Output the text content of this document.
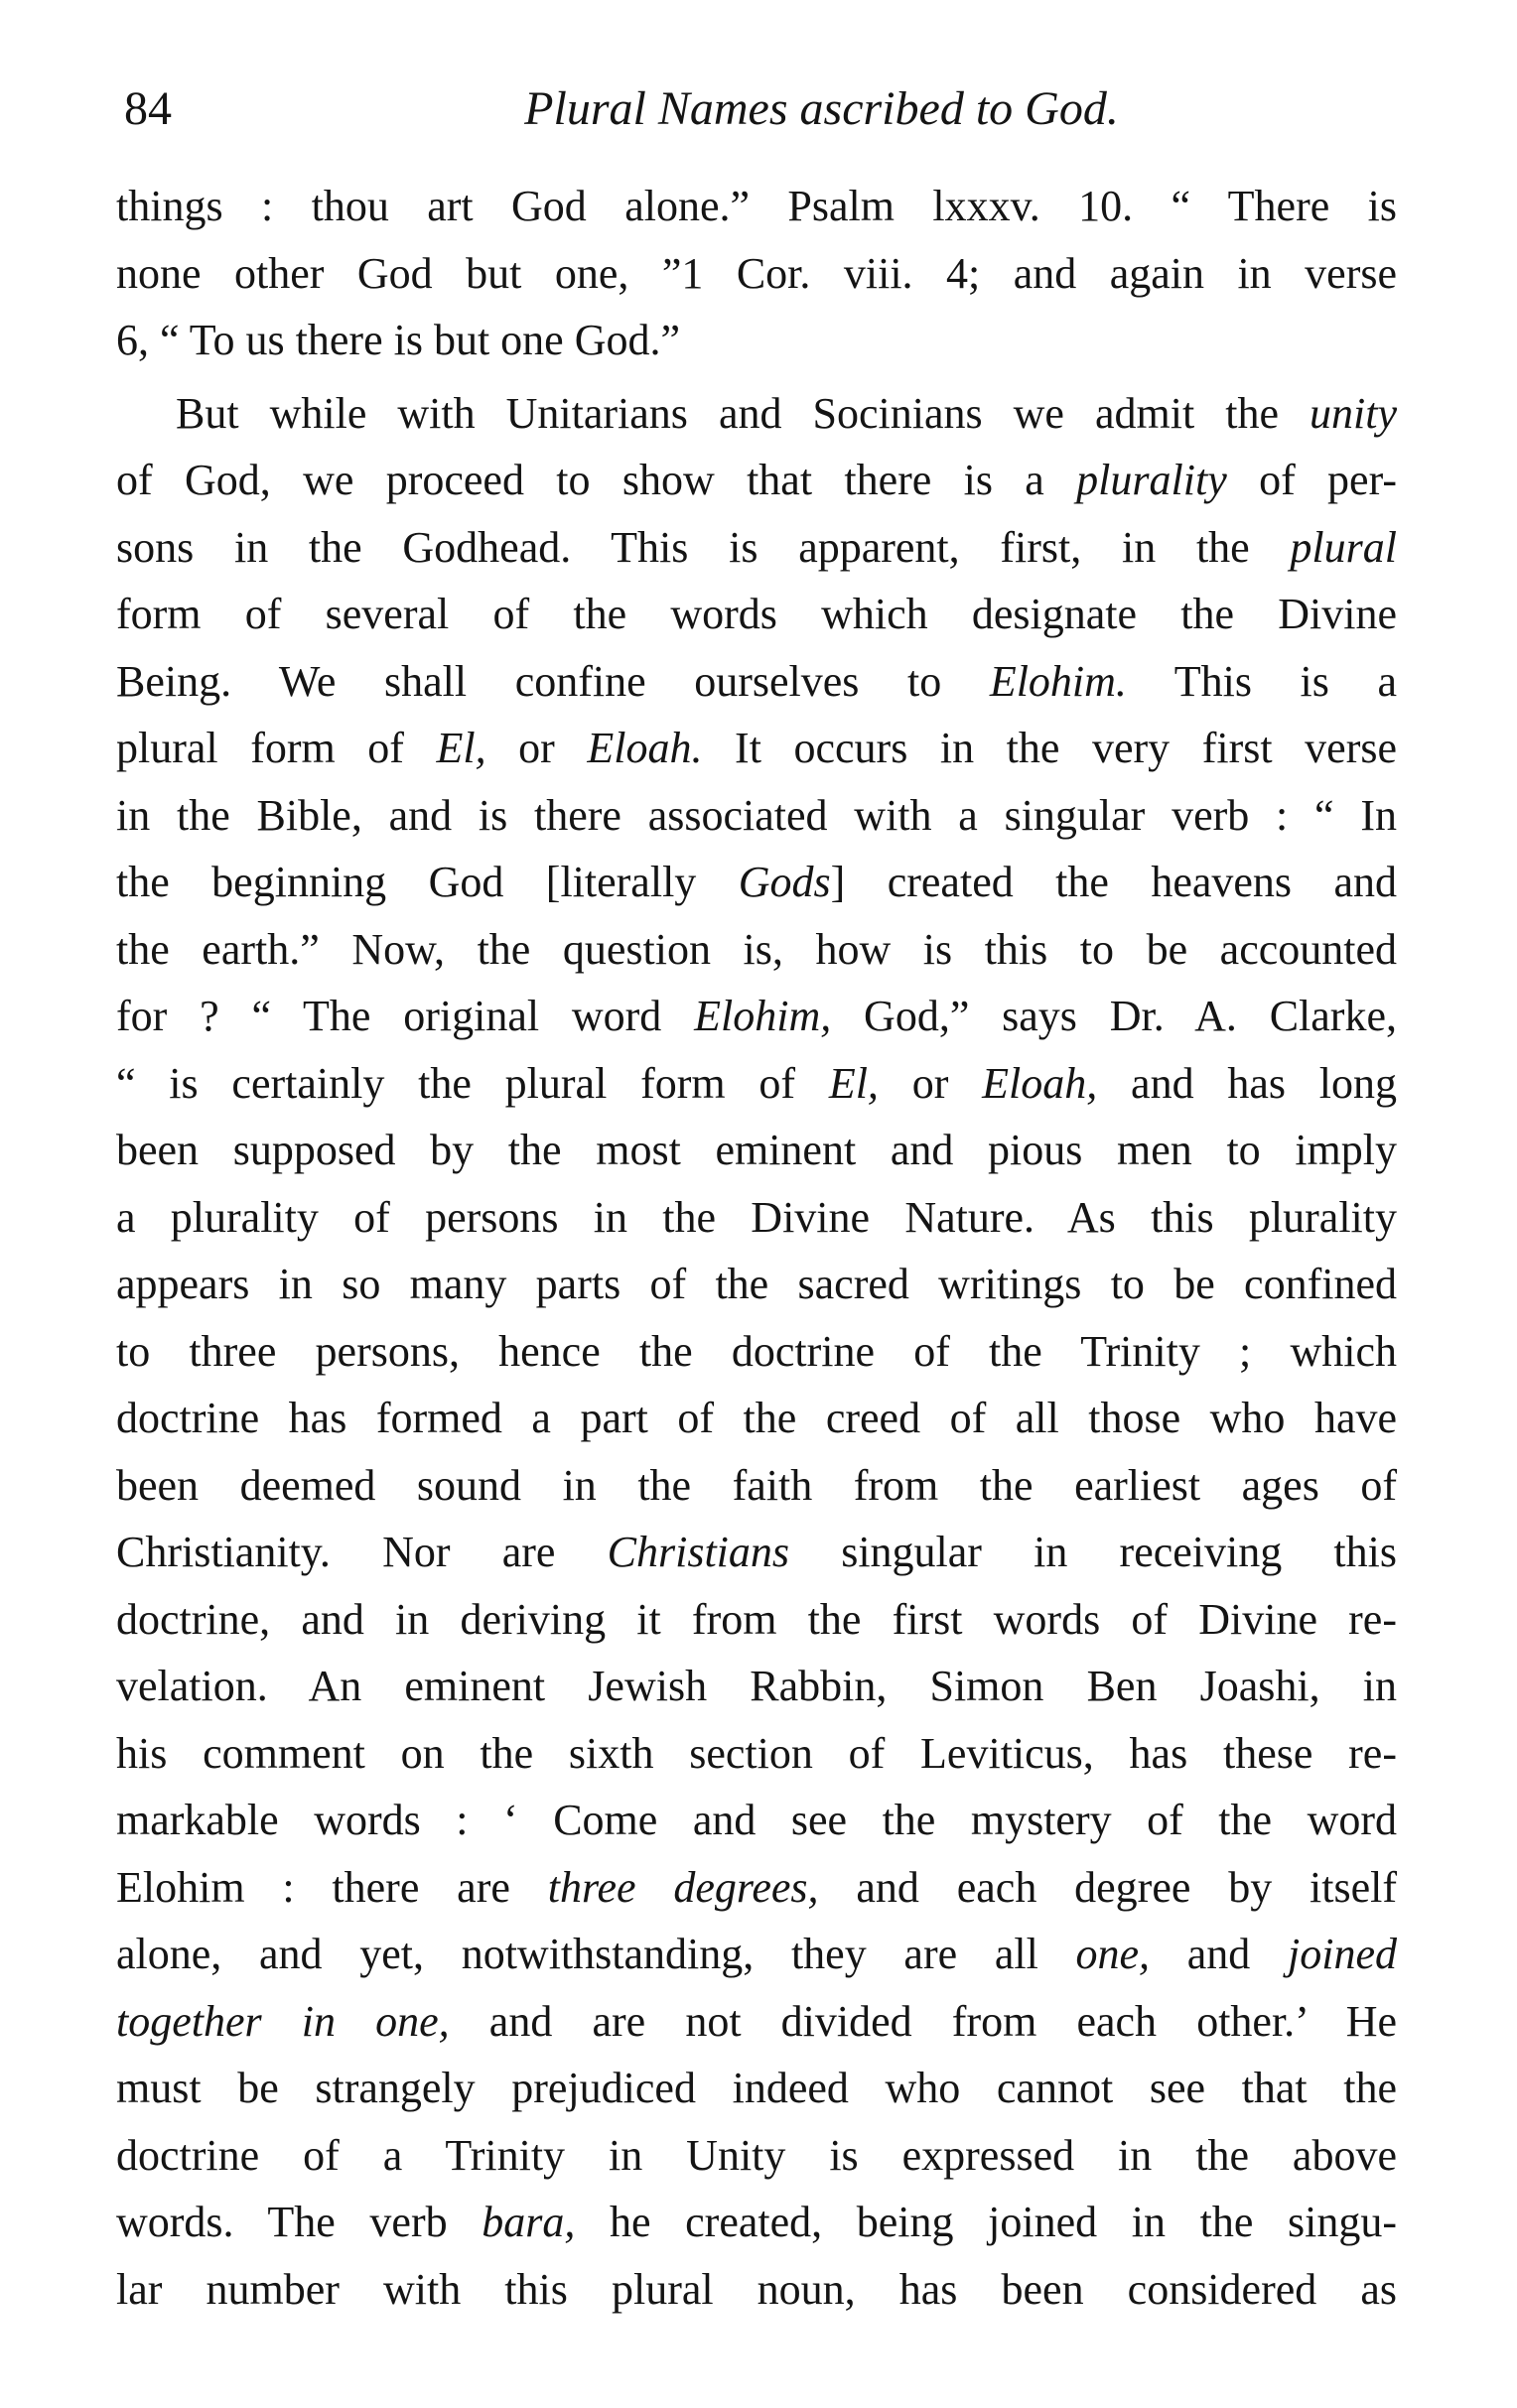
84	Plural Names ascribed to God.
things : thou art God alone.” Psalm lxxxv. 10. “ There is
none other God but one, ”1 Cor. viii. 4; and again in verse
6, “ To us there is but one God.”
But while with Unitarians and Socinians we admit the unity
of God, we proceed to show that there is a plurality of per-
sons in the Godhead. This is apparent, first, in the plural
form of several of the words which designate the Divine
Being. We shall confine ourselves to Elohim. This is a
plural form of El, or Eloah. It occurs in the very first verse
in the Bible, and is there associated with a singular verb : “ In
the beginning God [literally Gods] created the heavens and
the earth.” Now, the question is, how is this to be accounted
for ? “ The original word Elohim, God,” says Dr. A. Clarke,
“ is certainly the plural form of El, or Eloah, and has long
been supposed by the most eminent and pious men to imply
a plurality of persons in the Divine Nature. As this plurality
appears in so many parts of the sacred writings to be confined
to three persons, hence the doctrine of the Trinity ; which
doctrine has formed a part of the creed of all those who have
been deemed sound in the faith from the earliest ages of
Christianity. Nor are Christians singular in receiving this
doctrine, and in deriving it from the first words of Divine re-
velation. An eminent Jewish Rabbin, Simon Ben Joashi, in
his comment on the sixth section of Leviticus, has these re-
markable words : ‘ Come and see the mystery of the word
Elohim : there are three degrees, and each degree by itself
alone, and yet, notwithstanding, they are all one, and joined
together in one, and are not divided from each other.’ He
must be strangely prejudiced indeed who cannot see that the
doctrine of a Trinity in Unity is expressed in the above
words. The verb bara, he created, being joined in the singu-
lar number with this plural noun, has been considered as
